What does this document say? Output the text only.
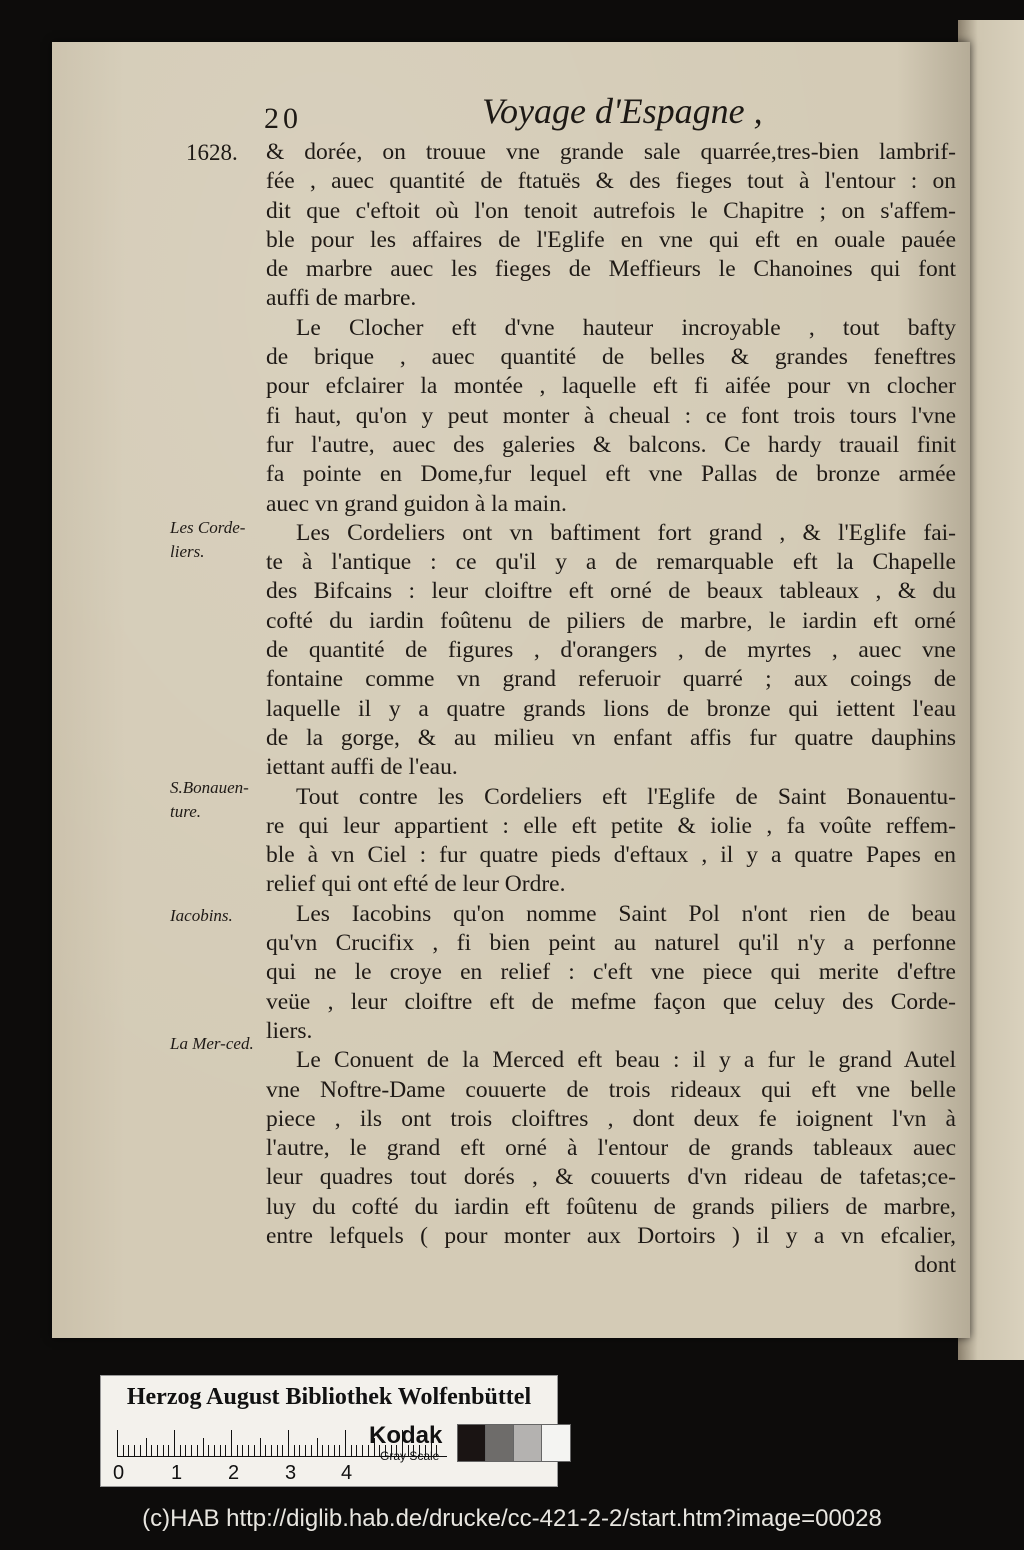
20	Voyage d'Espagne ,
1628.
Les Corde-liers.
S.Bonauen-ture.
Iacobins.
La Mer-ced.
& dorée, on trouue vne grande sale quarrée,tres-bien lambrif-
fée , auec quantité de ftatuës & des fieges tout à l'entour : on
dit que c'eftoit où l'on tenoit autrefois le Chapitre ; on s'affem-
ble pour les affaires de l'Eglife en vne qui eft en ouale pauée
de marbre auec les fieges de Meffieurs le Chanoines qui font
auffi de marbre.
Le Clocher eft d'vne hauteur incroyable , tout bafty
de brique , auec quantité de belles & grandes feneftres
pour efclairer la montée , laquelle eft fi aifée pour vn clocher
fi haut, qu'on y peut monter à cheual : ce font trois tours l'vne
fur l'autre, auec des galeries & balcons. Ce hardy trauail finit
fa pointe en Dome,fur lequel eft vne Pallas de bronze armée
auec vn grand guidon à la main.
Les Cordeliers ont vn baftiment fort grand , & l'Eglife fai-
te à l'antique : ce qu'il y a de remarquable eft la Chapelle
des Bifcains : leur cloiftre eft orné de beaux tableaux , & du
cofté du iardin foûtenu de piliers de marbre, le iardin eft orné
de quantité de figures , d'orangers , de myrtes , auec vne
fontaine comme vn grand referuoir quarré ; aux coings de
laquelle il y a quatre grands lions de bronze qui iettent l'eau
de la gorge, & au milieu vn enfant affis fur quatre dauphins
iettant auffi de l'eau.
Tout contre les Cordeliers eft l'Eglife de Saint Bonauentu-
re qui leur appartient : elle eft petite & iolie , fa voûte reffem-
ble à vn Ciel : fur quatre pieds d'eftaux , il y a quatre Papes en
relief qui ont efté de leur Ordre.
Les Iacobins qu'on nomme Saint Pol n'ont rien de beau
qu'vn Crucifix , fi bien peint au naturel qu'il n'y a perfonne
qui ne le croye en relief : c'eft vne piece qui merite d'eftre
veüe , leur cloiftre eft de mefme façon que celuy des Corde-
liers.
Le Conuent de la Merced eft beau : il y a fur le grand Autel
vne Noftre-Dame couuerte de trois rideaux qui eft vne belle
piece , ils ont trois cloiftres , dont deux fe ioignent l'vn à
l'autre, le grand eft orné à l'entour de grands tableaux auec
leur quadres tout dorés , & couuerts d'vn rideau de tafetas;ce-
luy du cofté du iardin eft foûtenu de grands piliers de marbre,
entre lefquels ( pour monter aux Dortoirs ) il y a vn efcalier,
dont
Herzog August Bibliothek Wolfenbüttel
0 1 2 3 4
Kodak
Gray Scale
(c)HAB http://diglib.hab.de/drucke/cc-421-2-2/start.htm?image=00028
